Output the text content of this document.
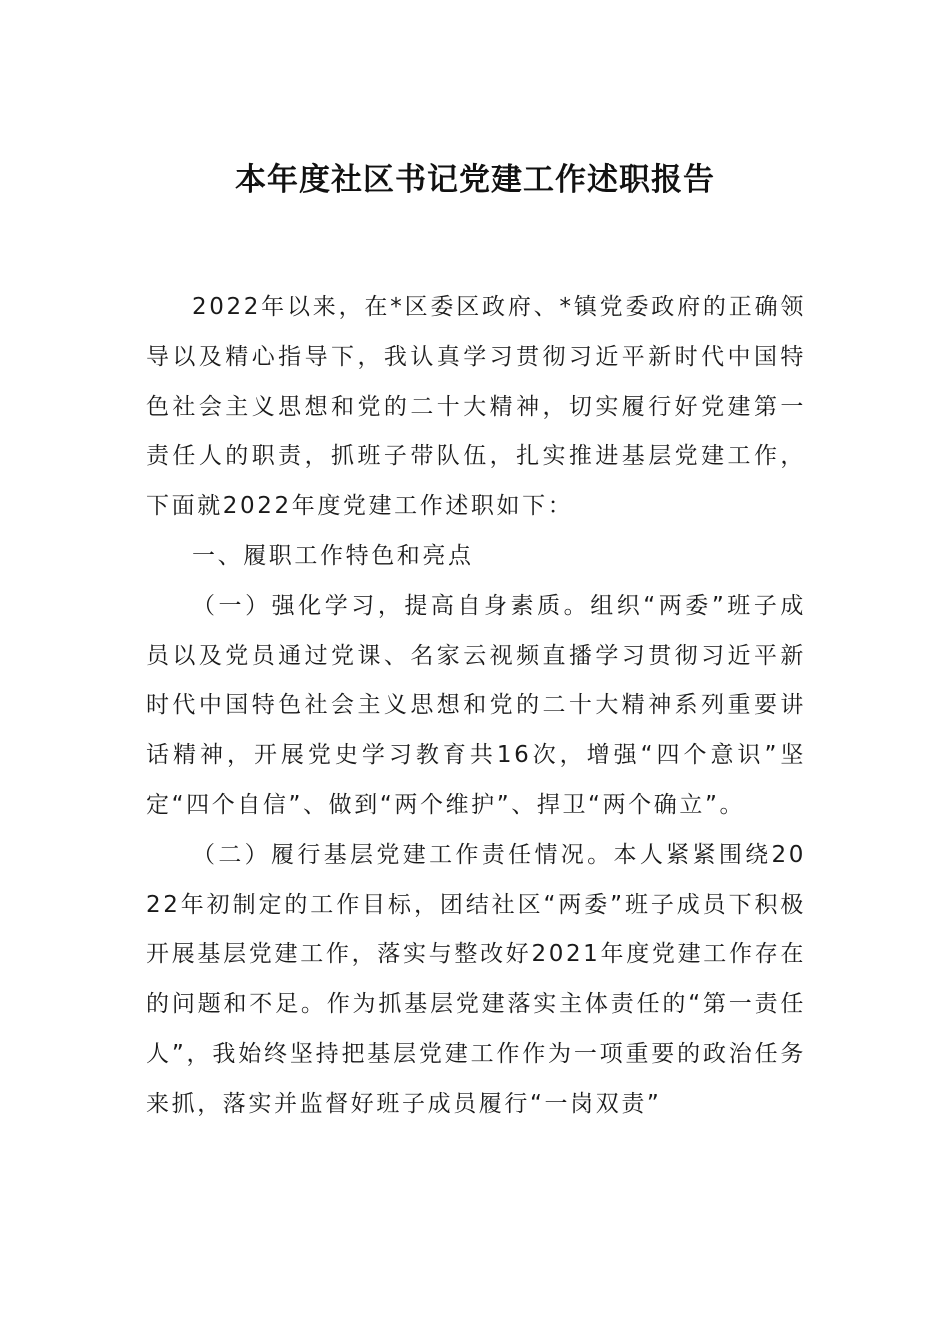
本年度社区书记党建工作述职报告

2022年以来，在*区委区政府、*镇党委政府的正确领导以及精心指导下，我认真学习贯彻习近平新时代中国特色社会主义思想和党的二十大精神，切实履行好党建第一责任人的职责，抓班子带队伍，扎实推进基层党建工作，下面就2022年度党建工作述职如下：

一、履职工作特色和亮点

（一）强化学习，提高自身素质。组织“两委”班子成员以及党员通过党课、名家云视频直播学习贯彻习近平新时代中国特色社会主义思想和党的二十大精神系列重要讲话精神，开展党史学习教育共16次，增强“四个意识”坚定“四个自信”、做到“两个维护”、捍卫“两个确立”。

（二）履行基层党建工作责任情况。本人紧紧围绕2022年初制定的工作目标，团结社区“两委”班子成员下积极开展基层党建工作，落实与整改好2021年度党建工作存在的问题和不足。作为抓基层党建落实主体责任的“第一责任人”，我始终坚持把基层党建工作作为一项重要的政治任务来抓，落实并监督好班子成员履行“一岗双责”
